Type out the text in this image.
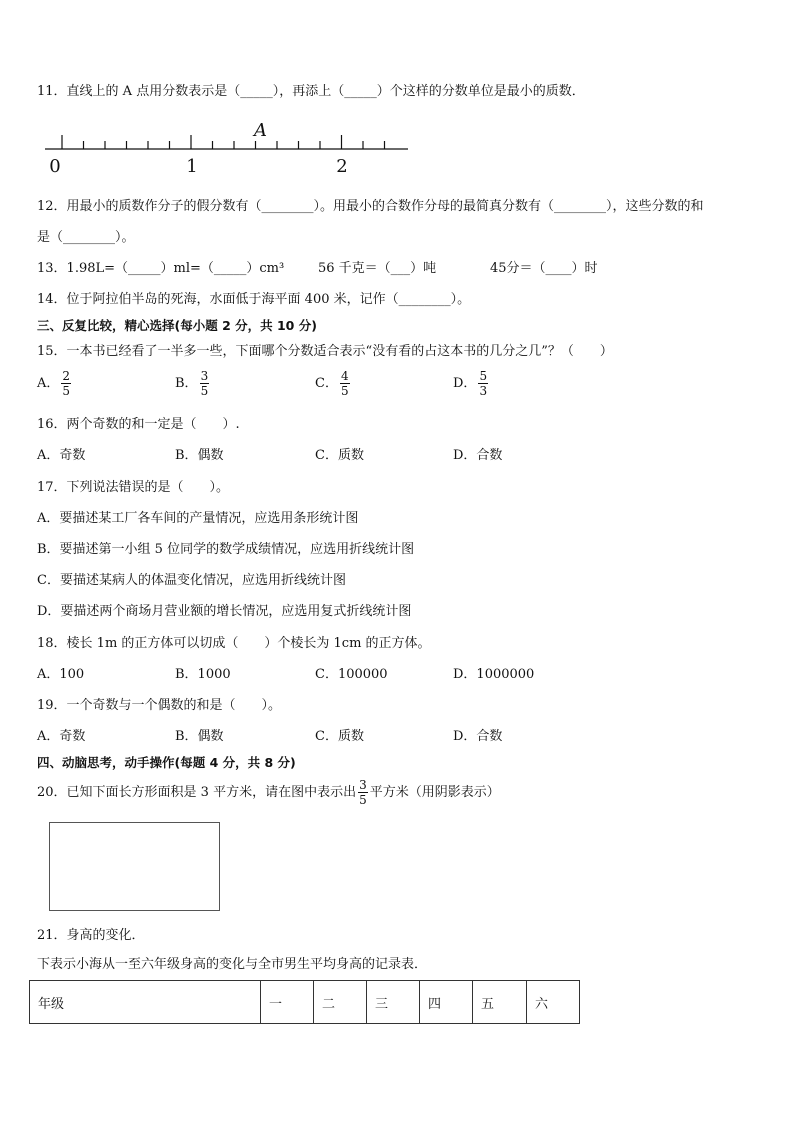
11．直线上的 A 点用分数表示是（_____），再添上（_____）个这样的分数单位是最小的质数．
A
0	1	2
12．用最小的质数作分子的假分数有（________）。用最小的合数作分母的最简真分数有（________），这些分数的和
是（________）。
13．1.98L=（_____）ml=（_____）cm³	56 千克＝（___）吨	45分＝（____）时
14．位于阿拉伯半岛的死海，水面低于海平面 400 米，记作（________）。
三、反复比较，精心选择(每小题 2 分，共 10 分)
15．一本书已经看了一半多一些，下面哪个分数适合表示“没有看的占这本书的几分之几”？（　　）
A． $\frac{2}{5}$	B． $\frac{3}{5}$	C． $\frac{4}{5}$	D． $\frac{5}{3}$
16．两个奇数的和一定是（　　）.
A．奇数	B．偶数	C．质数	D．合数
17．下列说法错误的是（　　）。
A．要描述某工厂各车间的产量情况，应选用条形统计图
B．要描述第一小组 5 位同学的数学成绩情况，应选用折线统计图
C．要描述某病人的体温变化情况，应选用折线统计图
D．要描述两个商场月营业额的增长情况，应选用复式折线统计图
18．棱长 1m 的正方体可以切成（　　）个棱长为 1cm 的正方体。
A．100	B．1000	C．100000	D．1000000
19．一个奇数与一个偶数的和是（　　）。
A．奇数	B．偶数	C．质数	D．合数
四、动脑思考，动手操作(每题 4 分，共 8 分)
20．已知下面长方形面积是 3 平方米，请在图中表示出 $\frac{3}{5}$ 平方米（用阴影表示）
21．身高的变化．
下表示小海从一至六年级身高的变化与全市男生平均身高的记录表．
年级	一	二	三	四	五	六
